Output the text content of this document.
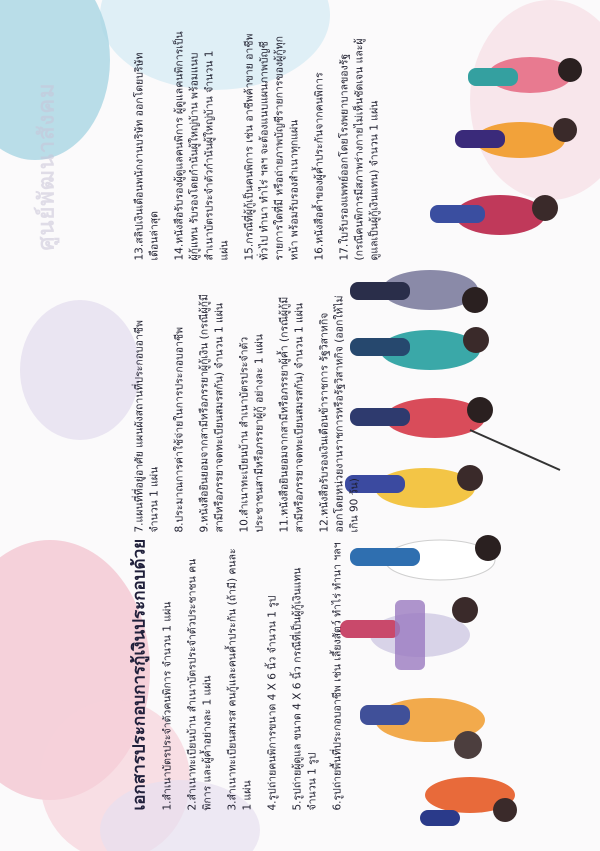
ศูนย์พัฒนาสังคม
เอกสารประกอบการกู้เงินประกอบด้วย 1.สำเนาบัตรประจำตัวคนพิการ จำนวน 1 แผ่น 2.สำเนาทะเบียนบ้าน สำเนาบัตรประจำตัวประชาชน คนพิการ และผู้ค้ำอย่างละ 1 แผ่น 3.สำเนาทะเบียนสมรส คนกู้และคนค้ำประกัน (ถ้ามี) คนละ 1 แผ่น 4.รูปถ่ายคนพิการขนาด 4 X 6 นิ้ว จำนวน 1 รูป 5.รูปถ่ายผู้ดูแล ขนาด 4 X 6 นิ้ว กรณีที่เป็นผู้กู้เงินแทนจำนวน 1 รูป 6.รูปถ่ายพื้นที่ประกอบอาชีพ เช่น เลี้ยงสัตว์ ทำไร่ ทำนา ฯลฯ

7.แผนที่ที่อยู่อาศัย แผนผังสถานที่ประกอบอาชีพ จำนวน 1 แผ่น 8.ประมาณการค่าใช้จ่ายในการประกอบอาชีพ 9.หนังสือยินยอมจากสามีหรือภรรยาผู้กู้เงิน (กรณีผู้กู้มีสามีหรือภรรยาจดทะเบียนสมรสกัน) จำนวน 1 แผ่น 10.สำเนาทะเบียนบ้าน สำเนาบัตรประจำตัวประชาชนสามีหรือภรรยาผู้กู้ อย่างละ 1 แผ่น 11.หนังสือยินยอมจากสามีหรือภรรยาผู้ค้ำ (กรณีผู้กู้มีสามีหรือภรรยาจดทะเบียนสมรสกัน) จำนวน 1 แผ่น 12.หนังสือรับรองเงินเดือนข้าราชการ รัฐวิสาหกิจ ออกโดยหน่วยงานราชการหรือรัฐวิสาหกิจ (ออกให้ไม่เกิน 90 วัน)

13.สลิปเงินเดือนพนักงานบริษัท ออกโดยบริษัทเดือนล่าสุด 14.หนังสือรับรองผู้ดูแลคนพิการ ผู้ดูแลคนพิการเป็นผู้กู้แทน รับรองโดยกำนันผู้ใหญ่บ้าน พร้อมแนบสำเนาบัตรประจำตัวกำนันผู้ใหญ่บ้าน จำนวน 1 แผ่น 15.กรณีที่ผู้กู้เป็นคนพิการ เช่น อาชีพค้าขาย อาชีพทั่วไป ทำนา ทำไร่ ฯลฯ จะต้องแนบแผนภาพบัญชีรายการใดที่มี หรือถ่ายภาพบัญชีรายการของผู้กู้ทุกหน้า พร้อมรับรองสำเนาทุกแผ่น 16.หนังสือค้ำของผู้ค้ำประกันจากคนพิการ 17.ใบรับรองแพทย์ออกโดยโรงพยาบาลของรัฐ (กรณีคนพิการมีสภาพร่างกายไม่เห็นชัดเจน และผู้ดูแลเป็นผู้กู้เงินแทน) จำนวน 1 แผ่น
